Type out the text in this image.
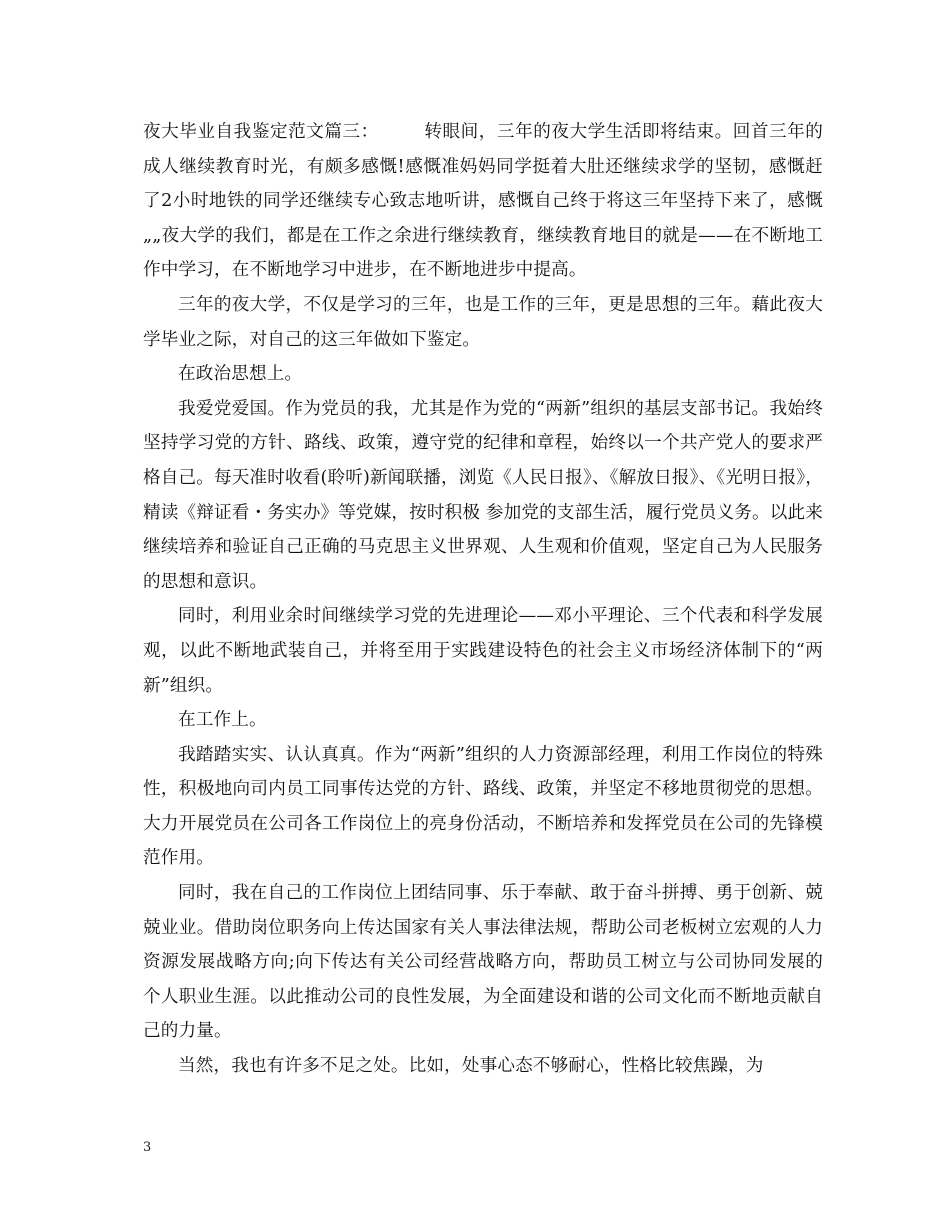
夜大毕业自我鉴定范文篇三：　　　转眼间，三年的夜大学生活即将结束。回首三年的成人继续教育时光，有颇多感慨!感慨准妈妈同学挺着大肚还继续求学的坚韧，感慨赶了2小时地铁的同学还继续专心致志地听讲，感慨自己终于将这三年坚持下来了，感慨„„夜大学的我们，都是在工作之余进行继续教育，继续教育地目的就是——在不断地工作中学习，在不断地学习中进步，在不断地进步中提高。

三年的夜大学，不仅是学习的三年，也是工作的三年，更是思想的三年。藉此夜大学毕业之际，对自己的这三年做如下鉴定。

在政治思想上。

我爱党爱国。作为党员的我，尤其是作为党的“两新”组织的基层支部书记。我始终坚持学习党的方针、路线、政策，遵守党的纪律和章程，始终以一个共产党人的要求严格自己。每天准时收看(聆听)新闻联播，浏览《人民日报》、《解放日报》、《光明日报》，精读《辩证看・务实办》等党媒，按时积极 参加党的支部生活，履行党员义务。以此来继续培养和验证自己正确的马克思主义世界观、人生观和价值观，坚定自己为人民服务的思想和意识。

同时，利用业余时间继续学习党的先进理论——邓小平理论、三个代表和科学发展观，以此不断地武装自己，并将至用于实践建设特色的社会主义市场经济体制下的“两新”组织。

在工作上。

我踏踏实实、认认真真。作为“两新”组织的人力资源部经理，利用工作岗位的特殊性，积极地向司内员工同事传达党的方针、路线、政策，并坚定不移地贯彻党的思想。大力开展党员在公司各工作岗位上的亮身份活动，不断培养和发挥党员在公司的先锋模范作用。

同时，我在自己的工作岗位上团结同事、乐于奉献、敢于奋斗拼搏、勇于创新、兢兢业业。借助岗位职务向上传达国家有关人事法律法规，帮助公司老板树立宏观的人力资源发展战略方向;向下传达有关公司经营战略方向，帮助员工树立与公司协同发展的个人职业生涯。以此推动公司的良性发展，为全面建设和谐的公司文化而不断地贡献自己的力量。

当然，我也有许多不足之处。比如，处事心态不够耐心，性格比较焦躁，为

3
